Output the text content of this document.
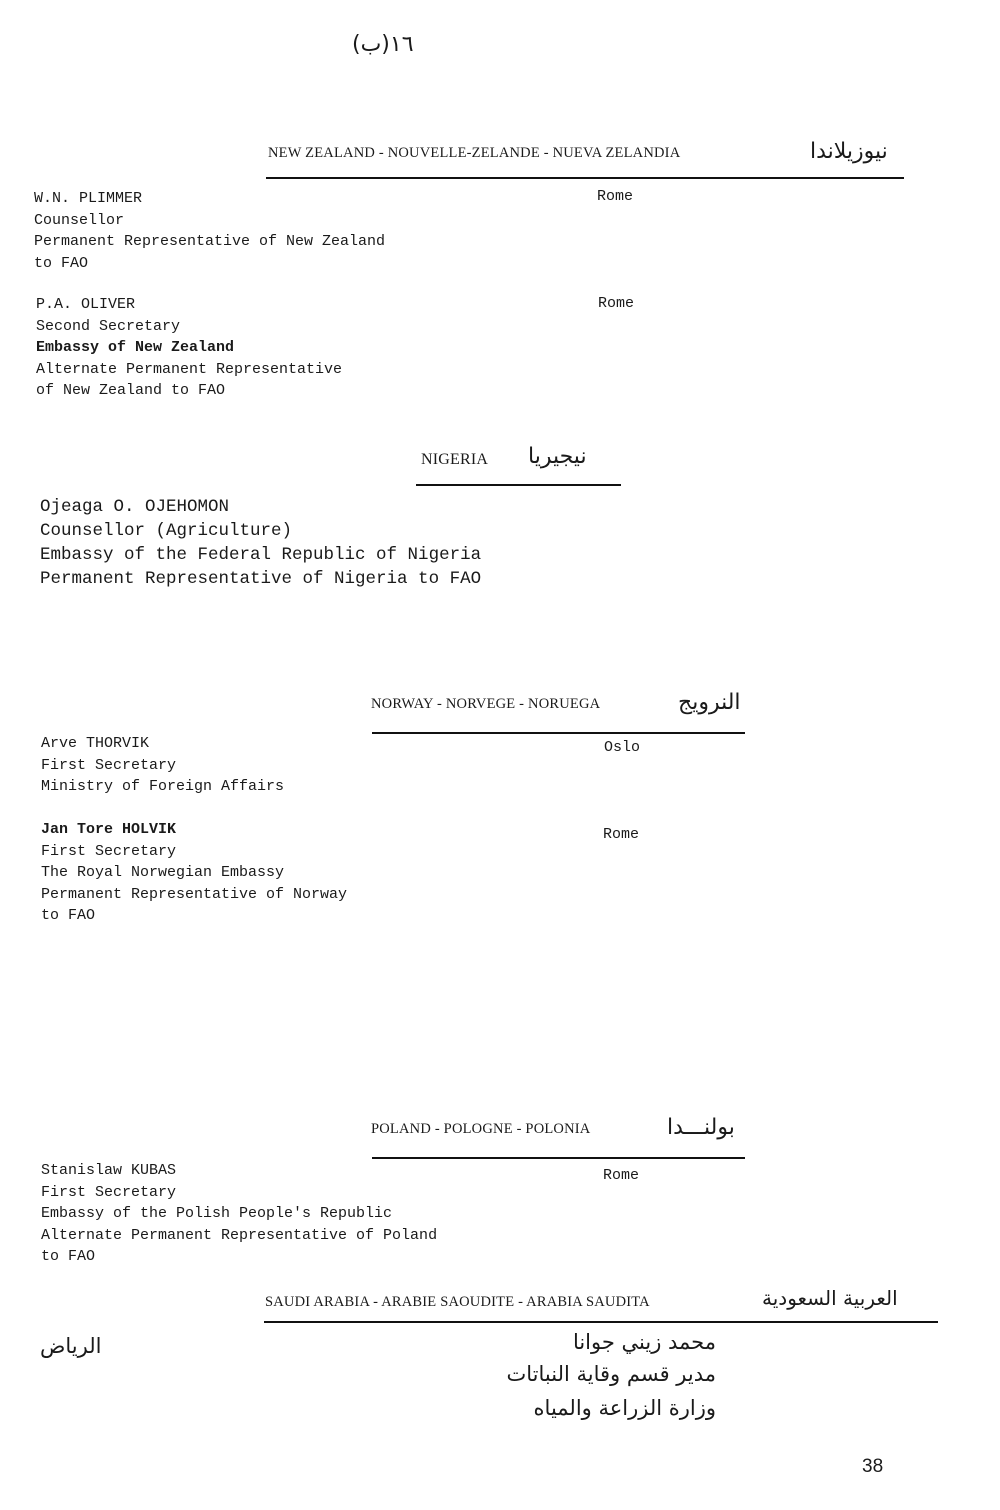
١٦(ب)
NEW ZEALAND - NOUVELLE-ZELANDE - NUEVA ZELANDIA	نيوزيلاندا
W.N. PLIMMER
Counsellor
Permanent Representative of New Zealand
to FAO
Rome
P.A. OLIVER
Second Secretary
Embassy of New Zealand
Alternate Permanent Representative
of New Zealand to FAO
Rome
NIGERIA نيجيريا
Ojeaga O. OJEHOMON
Counsellor (Agriculture)
Embassy of the Federal Republic of Nigeria
Permanent Representative of Nigeria to FAO
NORWAY - NORVEGE - NORUEGA	النرويج
Arve THORVIK
First Secretary
Ministry of Foreign Affairs
Oslo
Jan Tore HOLVIK
First Secretary
The Royal Norwegian Embassy
Permanent Representative of Norway
to FAO
Rome
POLAND - POLOGNE - POLONIA	بولنـــدا
Stanislaw KUBAS
First Secretary
Embassy of the Polish People's Republic
Alternate Permanent Representative of Poland
to FAO
Rome
SAUDI ARABIA - ARABIE SAOUDITE - ARABIA SAUDITA	العربية السعودية
الرياض	محمد زيني جوانا
مدير قسم وقاية النباتات
وزارة الزراعة والمياه
38
